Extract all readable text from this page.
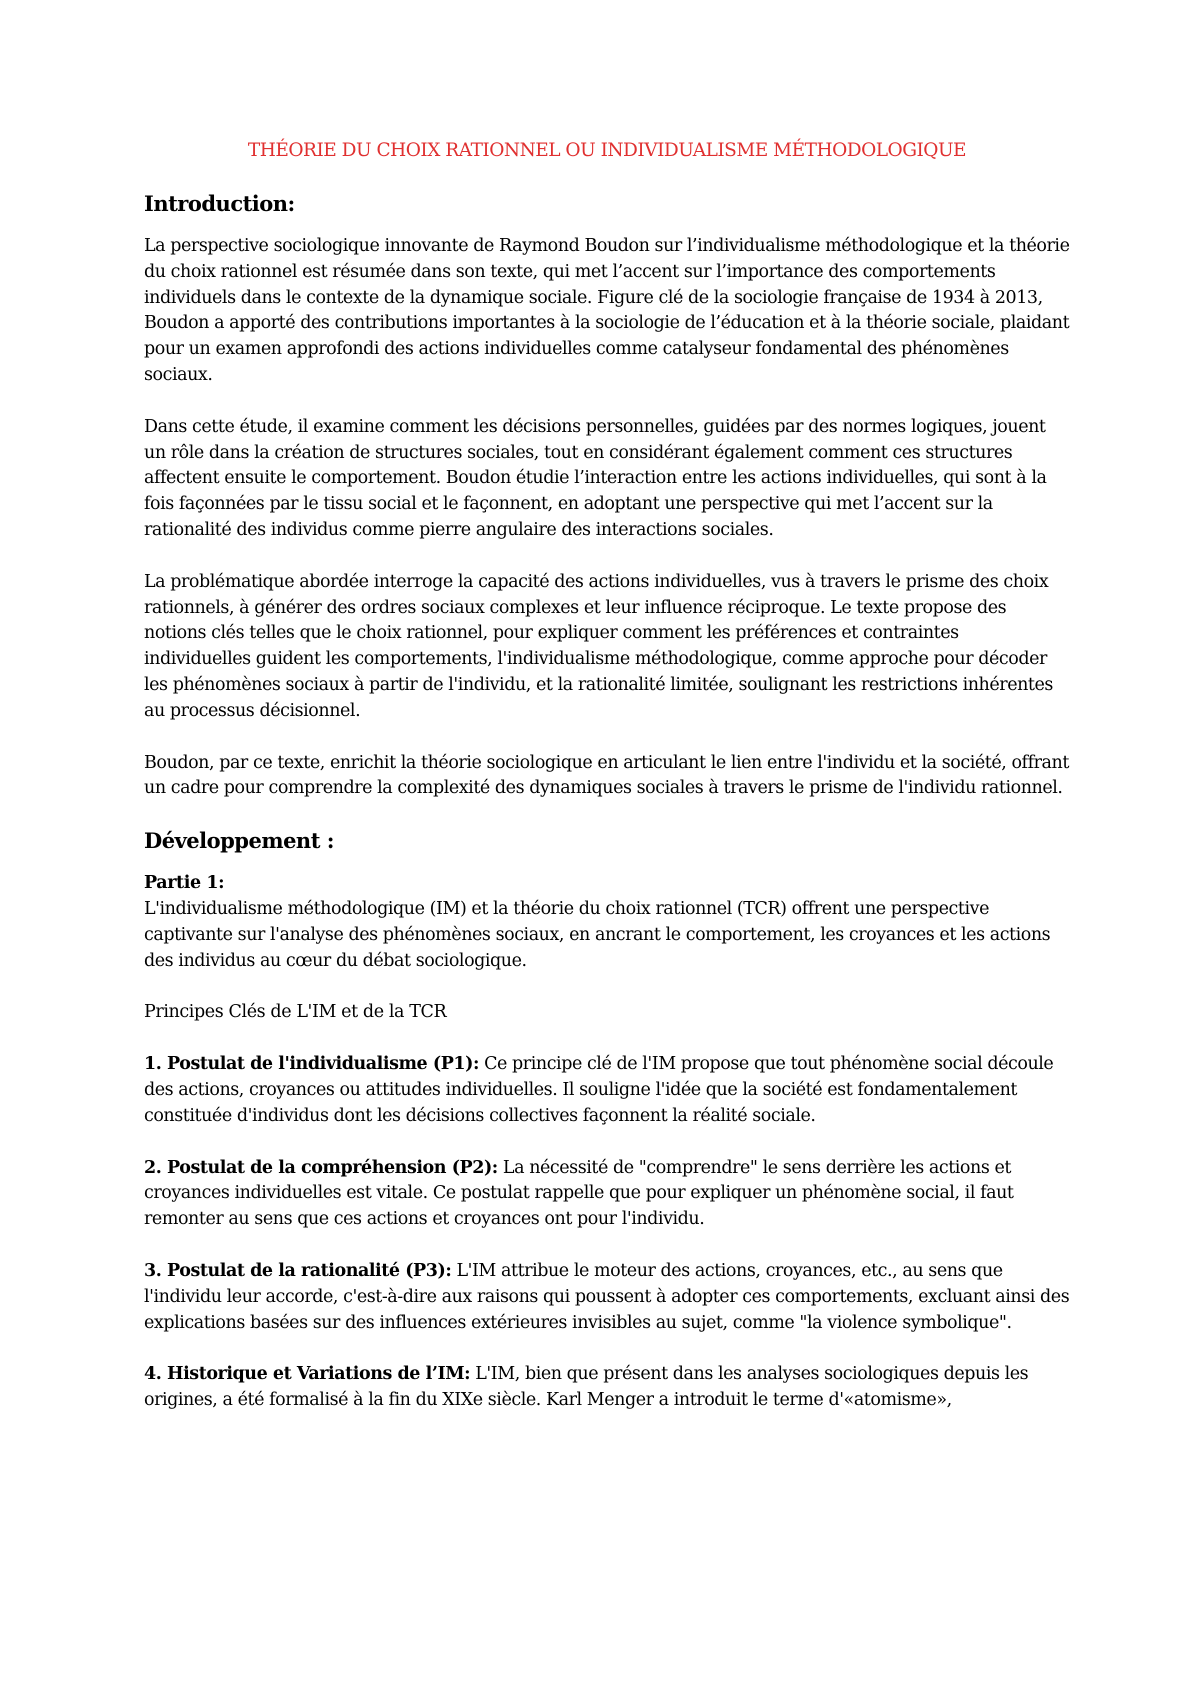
THÉORIE DU CHOIX RATIONNEL OU INDIVIDUALISME MÉTHODOLOGIQUE
Introduction:

La perspective sociologique innovante de Raymond Boudon sur l’individualisme méthodologique et la théorie du choix rationnel est résumée dans son texte, qui met l’accent sur l’importance des comportements individuels dans le contexte de la dynamique sociale. Figure clé de la sociologie française de 1934 à 2013, Boudon a apporté des contributions importantes à la sociologie de l’éducation et à la théorie sociale, plaidant pour un examen approfondi des actions individuelles comme catalyseur fondamental des phénomènes sociaux.

Dans cette étude, il examine comment les décisions personnelles, guidées par des normes logiques, jouent un rôle dans la création de structures sociales, tout en considérant également comment ces structures affectent ensuite le comportement. Boudon étudie l’interaction entre les actions individuelles, qui sont à la fois façonnées par le tissu social et le façonnent, en adoptant une perspective qui met l’accent sur la rationalité des individus comme pierre angulaire des interactions sociales.

La problématique abordée interroge la capacité des actions individuelles, vus à travers le prisme des choix rationnels, à générer des ordres sociaux complexes et leur influence réciproque. Le texte propose des notions clés telles que le choix rationnel, pour expliquer comment les préférences et contraintes individuelles guident les comportements, l'individualisme méthodologique, comme approche pour décoder les phénomènes sociaux à partir de l'individu, et la rationalité limitée, soulignant les restrictions inhérentes au processus décisionnel.

Boudon, par ce texte, enrichit la théorie sociologique en articulant le lien entre l'individu et la société, offrant un cadre pour comprendre la complexité des dynamiques sociales à travers le prisme de l'individu rationnel.

Développement :
Partie 1:

L'individualisme méthodologique (IM) et la théorie du choix rationnel (TCR) offrent une perspective captivante sur l'analyse des phénomènes sociaux, en ancrant le comportement, les croyances et les actions des individus au cœur du débat sociologique.

Principes Clés de L'IM et de la TCR

1. Postulat de l'individualisme (P1): Ce principe clé de l'IM propose que tout phénomène social découle des actions, croyances ou attitudes individuelles. Il souligne l'idée que la société est fondamentalement constituée d'individus dont les décisions collectives façonnent la réalité sociale.

2. Postulat de la compréhension (P2): La nécessité de "comprendre" le sens derrière les actions et croyances individuelles est vitale. Ce postulat rappelle que pour expliquer un phénomène social, il faut remonter au sens que ces actions et croyances ont pour l'individu.

3. Postulat de la rationalité (P3): L'IM attribue le moteur des actions, croyances, etc., au sens que l'individu leur accorde, c'est-à-dire aux raisons qui poussent à adopter ces comportements, excluant ainsi des explications basées sur des influences extérieures invisibles au sujet, comme "la violence symbolique".

4. Historique et Variations de l’IM: L'IM, bien que présent dans les analyses sociologiques depuis les origines, a été formalisé à la fin du XIXe siècle. Karl Menger a introduit le terme d'«atomisme»,
